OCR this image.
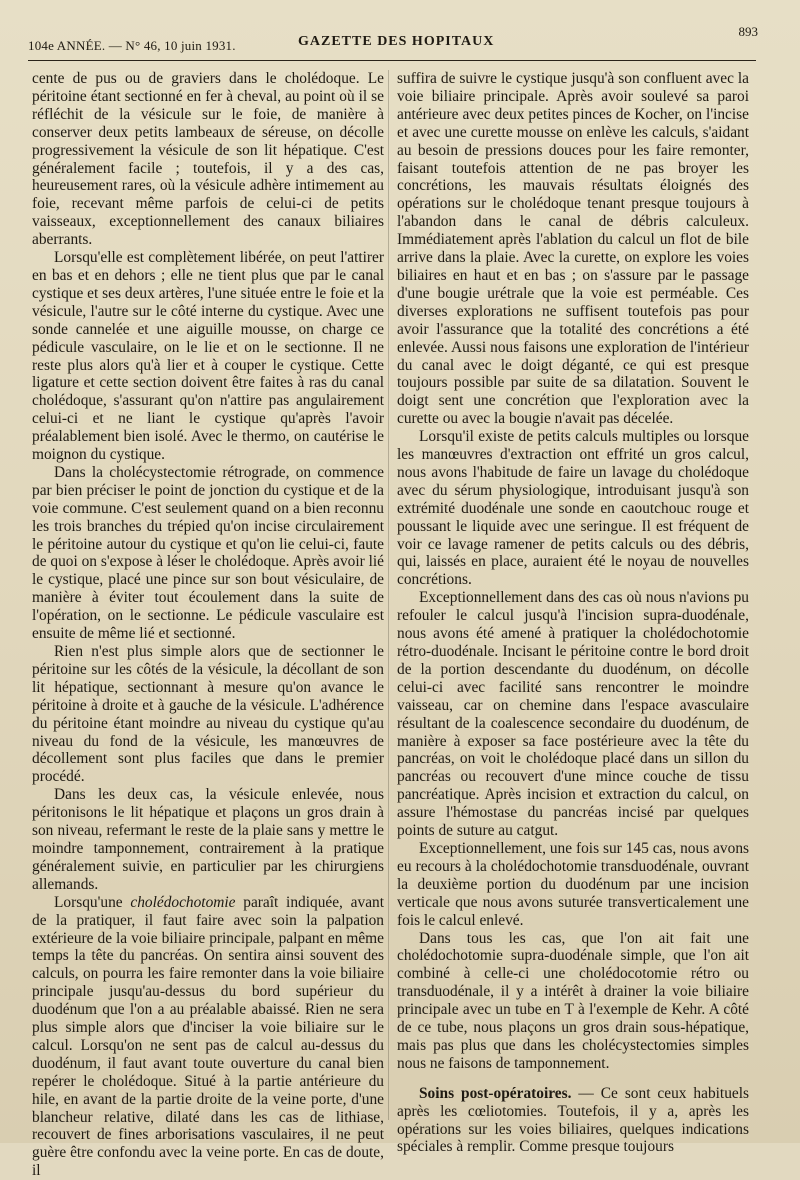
104e ANNÉE. — N° 46, 10 juin 1931.	GAZETTE DES HOPITAUX
893

cente de pus ou de graviers dans le cholédoque. Le péritoine étant sectionné en fer à cheval, au point où il se réfléchit de la vésicule sur le foie, de manière à conserver deux petits lambeaux de séreuse, on décolle progressivement la vésicule de son lit hépatique. C'est généralement facile ; toutefois, il y a des cas, heureusement rares, où la vésicule adhère intimement au foie, recevant même parfois de celui-ci de petits vaisseaux, exceptionnellement des canaux biliaires aberrants.

Lorsqu'elle est complètement libérée, on peut l'attirer en bas et en dehors ; elle ne tient plus que par le canal cystique et ses deux artères, l'une située entre le foie et la vésicule, l'autre sur le côté interne du cystique. Avec une sonde cannelée et une aiguille mousse, on charge ce pédicule vasculaire, on le lie et on le sectionne. Il ne reste plus alors qu'à lier et à couper le cystique. Cette ligature et cette section doivent être faites à ras du canal cholédoque, s'assurant qu'on n'attire pas angulairement celui-ci et ne liant le cystique qu'après l'avoir préalablement bien isolé. Avec le thermo, on cautérise le moignon du cystique.

Dans la cholécystectomie rétrograde, on commence par bien préciser le point de jonction du cystique et de la voie commune. C'est seulement quand on a bien reconnu les trois branches du trépied qu'on incise circulairement le péritoine autour du cystique et qu'on lie celui-ci, faute de quoi on s'expose à léser le cholédoque. Après avoir lié le cystique, placé une pince sur son bout vésiculaire, de manière à éviter tout écoulement dans la suite de l'opération, on le sectionne. Le pédicule vasculaire est ensuite de même lié et sectionné.

Rien n'est plus simple alors que de sectionner le péritoine sur les côtés de la vésicule, la décollant de son lit hépatique, sectionnant à mesure qu'on avance le péritoine à droite et à gauche de la vésicule. L'adhérence du péritoine étant moindre au niveau du cystique qu'au niveau du fond de la vésicule, les manœuvres de décollement sont plus faciles que dans le premier procédé.

Dans les deux cas, la vésicule enlevée, nous péritonisons le lit hépatique et plaçons un gros drain à son niveau, refermant le reste de la plaie sans y mettre le moindre tamponnement, contrairement à la pratique généralement suivie, en particulier par les chirurgiens allemands.

Lorsqu'une cholédochotomie paraît indiquée, avant de la pratiquer, il faut faire avec soin la palpation extérieure de la voie biliaire principale, palpant en même temps la tête du pancréas. On sentira ainsi souvent des calculs, on pourra les faire remonter dans la voie biliaire principale jusqu'au-dessus du bord supérieur du duodénum que l'on a au préalable abaissé. Rien ne sera plus simple alors que d'inciser la voie biliaire sur le calcul. Lorsqu'on ne sent pas de calcul au-dessus du duodénum, il faut avant toute ouverture du canal bien repérer le cholédoque. Situé à la partie antérieure du hile, en avant de la partie droite de la veine porte, d'une blancheur relative, dilaté dans les cas de lithiase, recouvert de fines arborisations vasculaires, il ne peut guère être confondu avec la veine porte. En cas de doute, il

suffira de suivre le cystique jusqu'à son confluent avec la voie biliaire principale. Après avoir soulevé sa paroi antérieure avec deux petites pinces de Kocher, on l'incise et avec une curette mousse on enlève les calculs, s'aidant au besoin de pressions douces pour les faire remonter, faisant toutefois attention de ne pas broyer les concrétions, les mauvais résultats éloignés des opérations sur le cholédoque tenant presque toujours à l'abandon dans le canal de débris calculeux. Immédiatement après l'ablation du calcul un flot de bile arrive dans la plaie. Avec la curette, on explore les voies biliaires en haut et en bas ; on s'assure par le passage d'une bougie urétrale que la voie est perméable. Ces diverses explorations ne suffisent toutefois pas pour avoir l'assurance que la totalité des concrétions a été enlevée. Aussi nous faisons une exploration de l'intérieur du canal avec le doigt déganté, ce qui est presque toujours possible par suite de sa dilatation. Souvent le doigt sent une concrétion que l'exploration avec la curette ou avec la bougie n'avait pas décelée.

Lorsqu'il existe de petits calculs multiples ou lorsque les manœuvres d'extraction ont effrité un gros calcul, nous avons l'habitude de faire un lavage du cholédoque avec du sérum physiologique, introduisant jusqu'à son extrémité duodénale une sonde en caoutchouc rouge et poussant le liquide avec une seringue. Il est fréquent de voir ce lavage ramener de petits calculs ou des débris, qui, laissés en place, auraient été le noyau de nouvelles concrétions.

Exceptionnellement dans des cas où nous n'avions pu refouler le calcul jusqu'à l'incision supra-duodénale, nous avons été amené à pratiquer la cholédochotomie rétro-duodénale. Incisant le péritoine contre le bord droit de la portion descendante du duodénum, on décolle celui-ci avec facilité sans rencontrer le moindre vaisseau, car on chemine dans l'espace avasculaire résultant de la coalescence secondaire du duodénum, de manière à exposer sa face postérieure avec la tête du pancréas, on voit le cholédoque placé dans un sillon du pancréas ou recouvert d'une mince couche de tissu pancréatique. Après incision et extraction du calcul, on assure l'hémostase du pancréas incisé par quelques points de suture au catgut.

Exceptionnellement, une fois sur 145 cas, nous avons eu recours à la cholédochotomie transduodénale, ouvrant la deuxième portion du duodénum par une incision verticale que nous avons suturée transverticalement une fois le calcul enlevé.

Dans tous les cas, que l'on ait fait une cholédochotomie supra-duodénale simple, que l'on ait combiné à celle-ci une cholédocotomie rétro ou transduodénale, il y a intérêt à drainer la voie biliaire principale avec un tube en T à l'exemple de Kehr. A côté de ce tube, nous plaçons un gros drain sous-hépatique, mais pas plus que dans les cholécystectomies simples nous ne faisons de tamponnement.

Soins post-opératoires. — Ce sont ceux habituels après les cœliotomies. Toutefois, il y a, après les opérations sur les voies biliaires, quelques indications spéciales à remplir. Comme presque toujours
